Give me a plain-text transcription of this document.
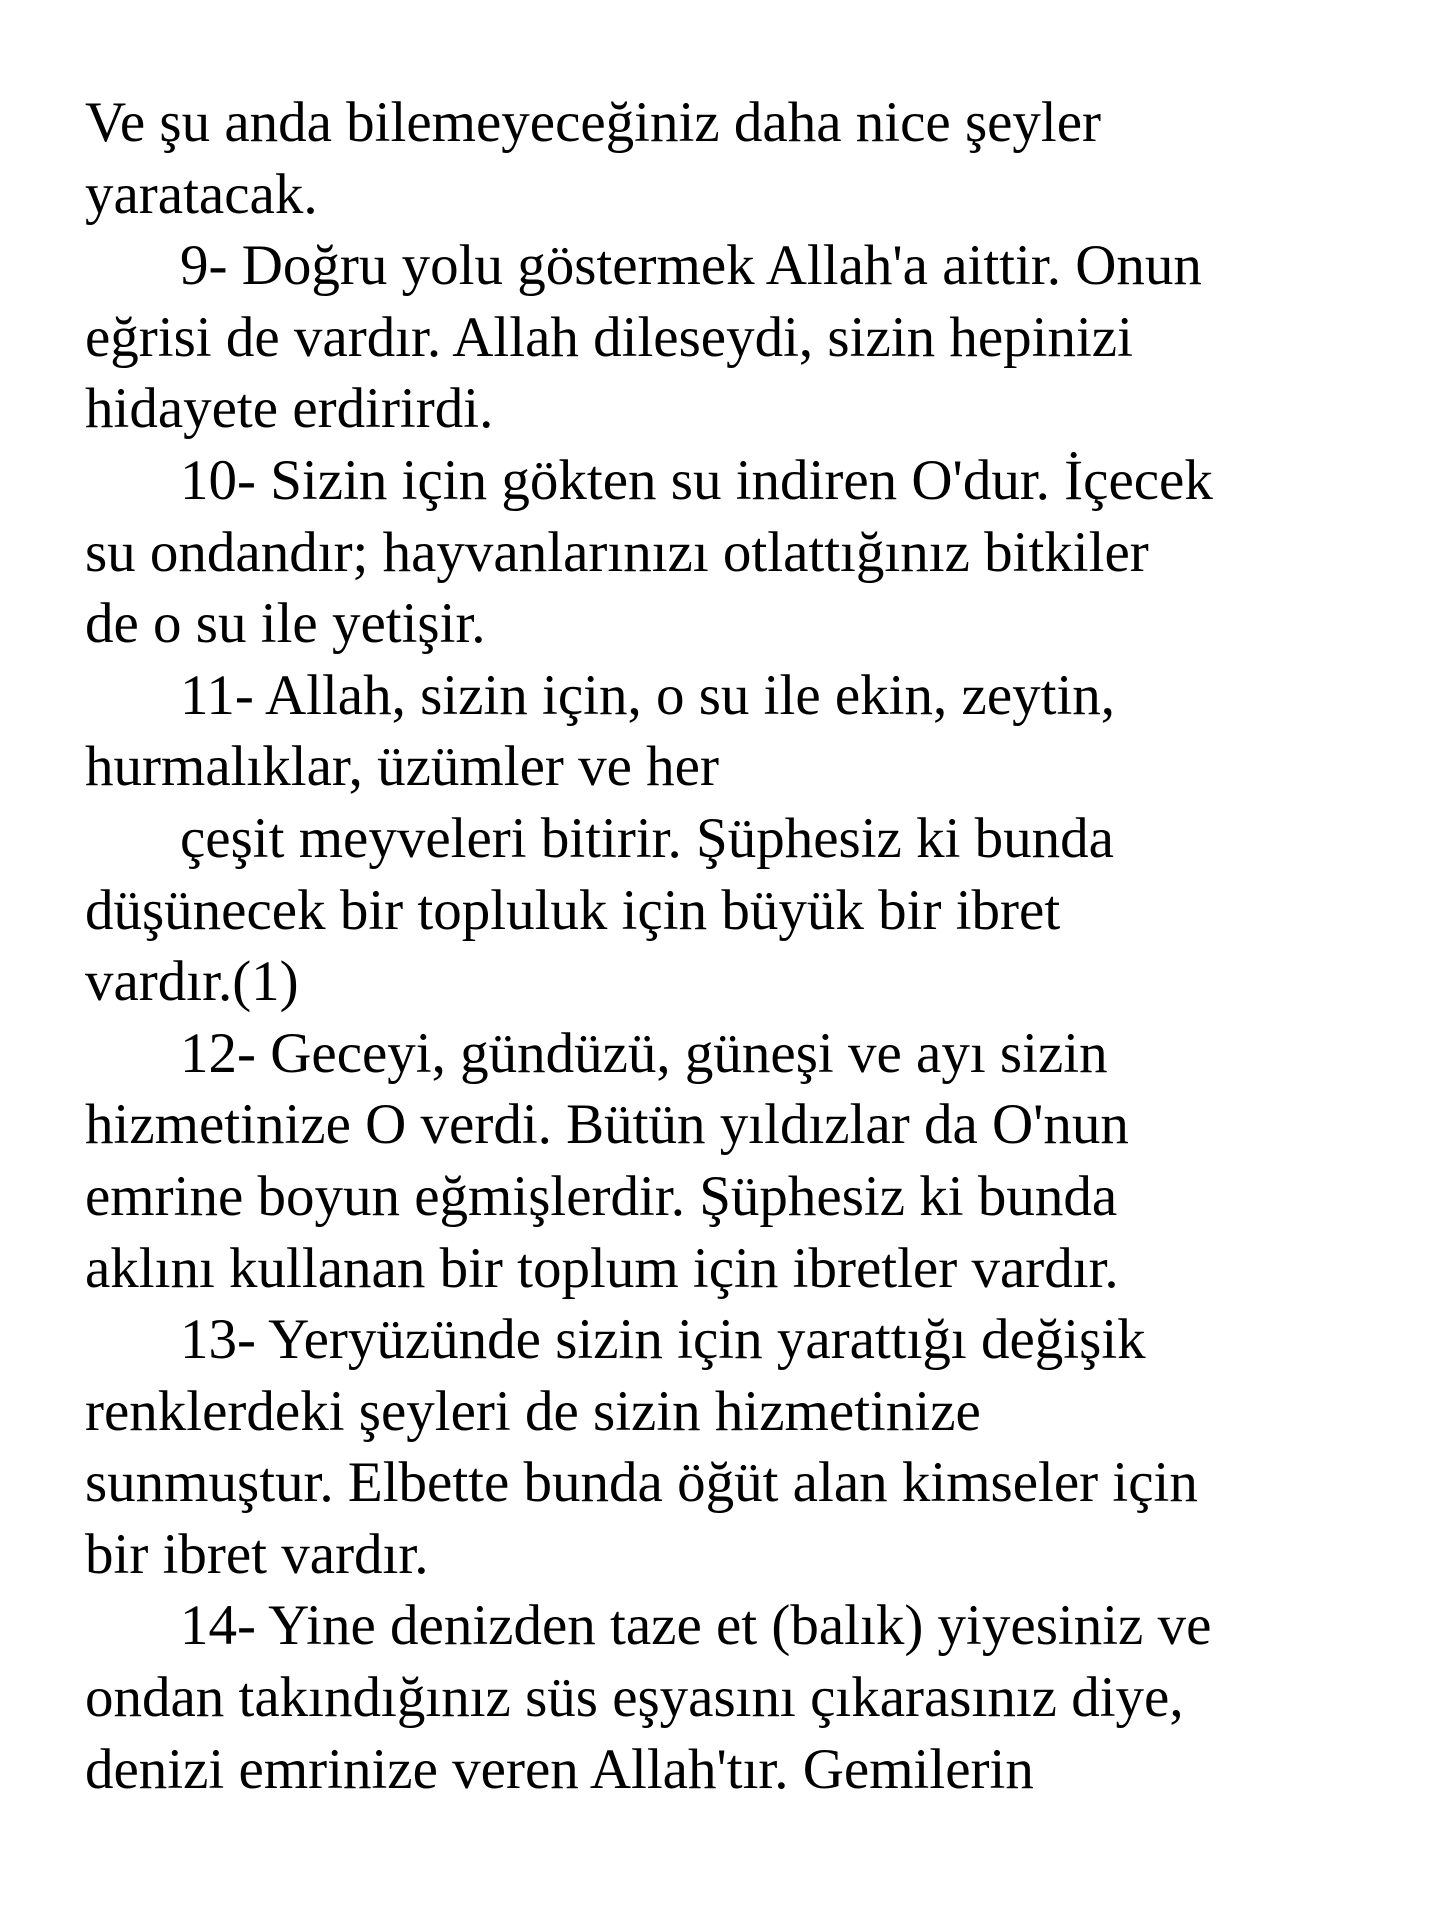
Ve şu anda bilemeyeceğiniz daha nice şeyler
yaratacak.
9- Doğru yolu göstermek Allah'a aittir. Onun
eğrisi de vardır. Allah dileseydi, sizin hepinizi
hidayete erdirirdi.
10- Sizin için gökten su indiren O'dur. İçecek
su ondandır; hayvanlarınızı otlattığınız bitkiler
de o su ile yetişir.
11- Allah, sizin için, o su ile ekin, zeytin,
hurmalıklar, üzümler ve her
çeşit meyveleri bitirir. Şüphesiz ki bunda
düşünecek bir topluluk için büyük bir ibret
vardır.(1)
12- Geceyi, gündüzü, güneşi ve ayı sizin
hizmetinize O verdi. Bütün yıldızlar da O'nun
emrine boyun eğmişlerdir. Şüphesiz ki bunda
aklını kullanan bir toplum için ibretler vardır.
13- Yeryüzünde sizin için yarattığı değişik
renklerdeki şeyleri de sizin hizmetinize
sunmuştur. Elbette bunda öğüt alan kimseler için
bir ibret vardır.
14- Yine denizden taze et (balık) yiyesiniz ve
ondan takındığınız süs eşyasını çıkarasınız diye,
denizi emrinize veren Allah'tır. Gemilerin
